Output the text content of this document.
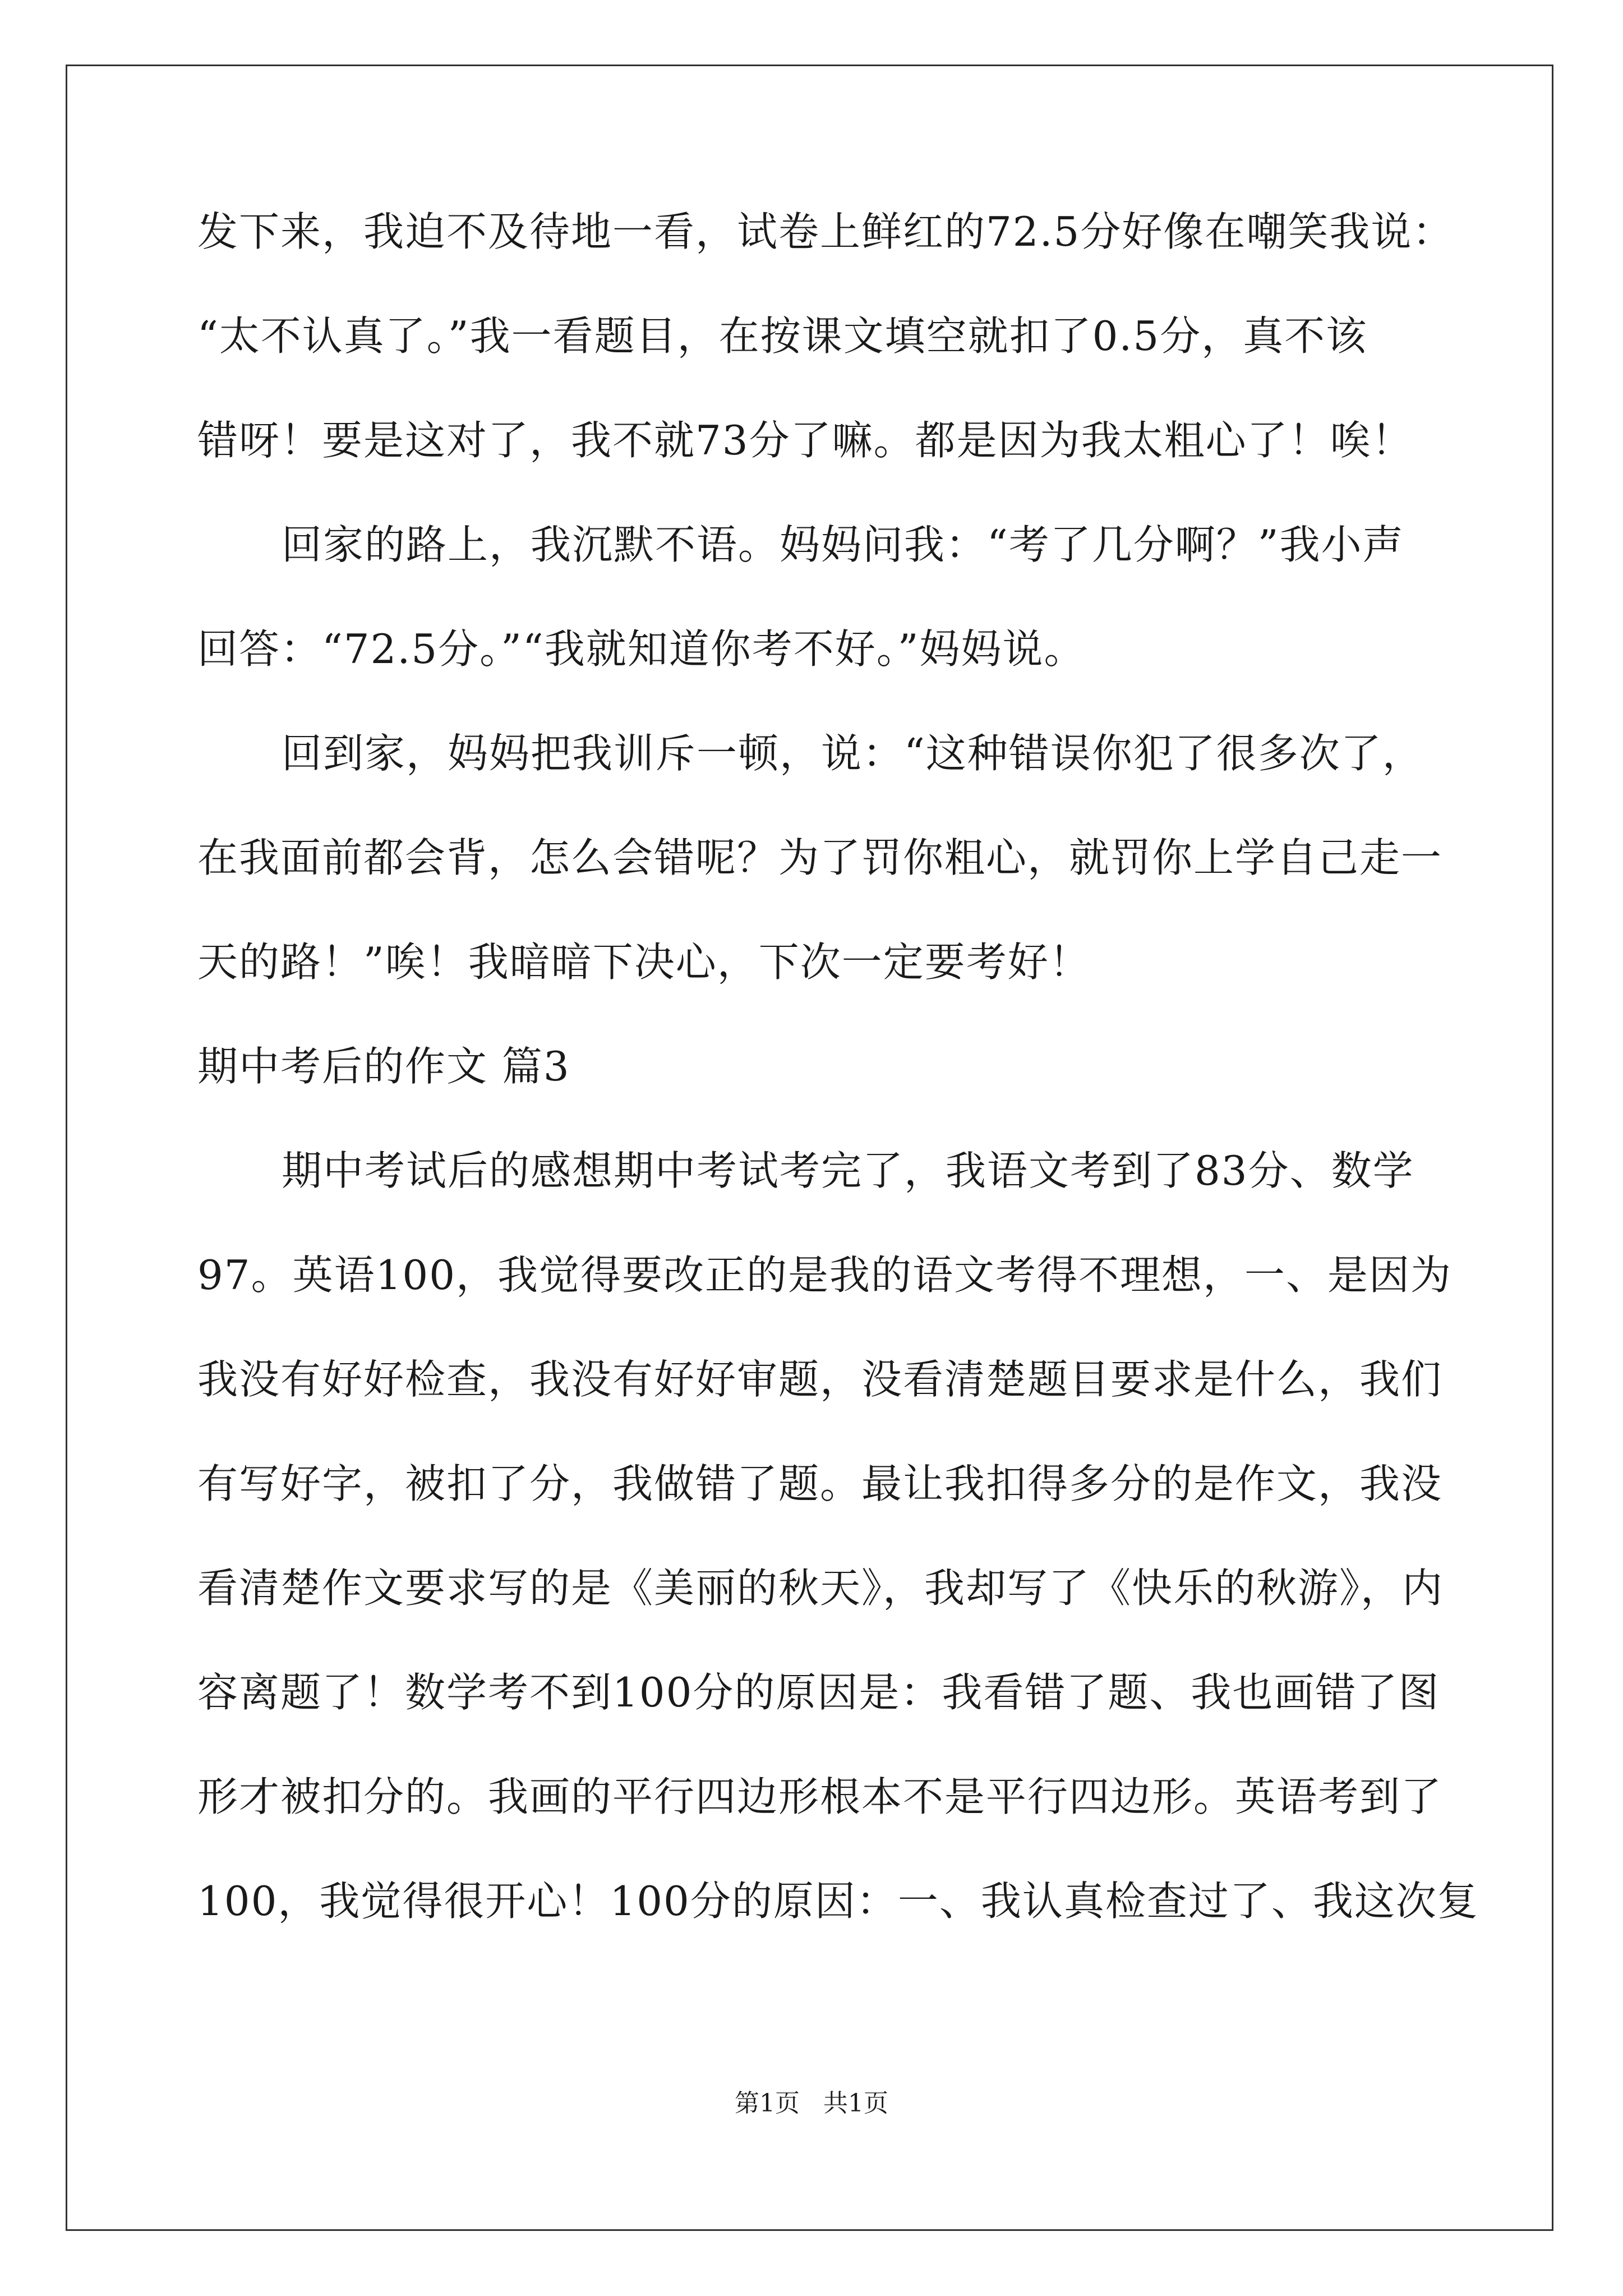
发下来，我迫不及待地一看，试卷上鲜红的72.5分好像在嘲笑我说：
“太不认真了。”我一看题目，在按课文填空就扣了0.5分，真不该
错呀！要是这对了，我不就73分了嘛。都是因为我太粗心了！唉！
回家的路上，我沉默不语。妈妈问我：“考了几分啊？”我小声
回答：“72.5分。”“我就知道你考不好。”妈妈说。
回到家，妈妈把我训斥一顿，说：“这种错误你犯了很多次了，
在我面前都会背，怎么会错呢？为了罚你粗心，就罚你上学自己走一
天的路！”唉！我暗暗下决心，下次一定要考好！
期中考后的作文 篇3
期中考试后的感想期中考试考完了，我语文考到了83分、数学
97。英语100，我觉得要改正的是我的语文考得不理想，一、是因为
我没有好好检查，我没有好好审题，没看清楚题目要求是什么，我们
有写好字，被扣了分，我做错了题。最让我扣得多分的是作文，我没
看清楚作文要求写的是《美丽的秋天》，我却写了《快乐的秋游》，内
容离题了！数学考不到100分的原因是：我看错了题、我也画错了图
形才被扣分的。我画的平行四边形根本不是平行四边形。英语考到了
100，我觉得很开心！100分的原因：一、我认真检查过了、我这次复
第1页   共1页
